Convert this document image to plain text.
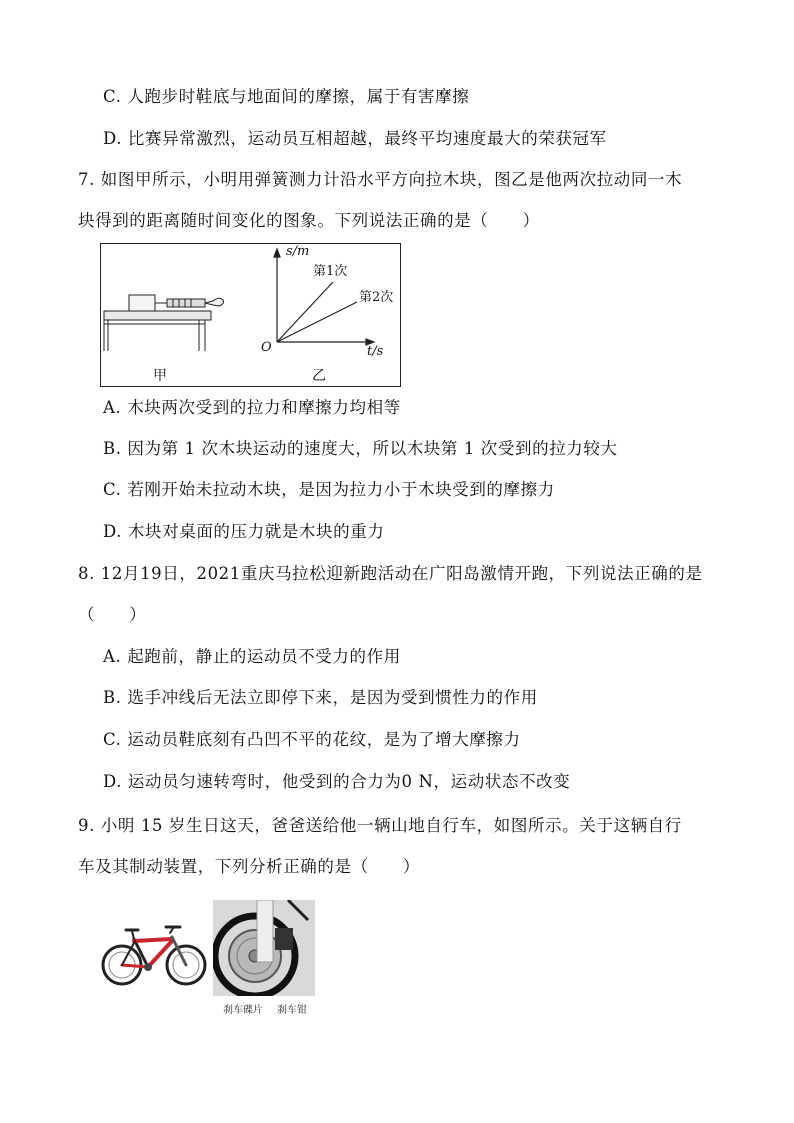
C. 人跑步时鞋底与地面间的摩擦，属于有害摩擦
D. 比赛异常激烈，运动员互相超越，最终平均速度最大的荣获冠军
7. 如图甲所示，小明用弹簧测力计沿水平方向拉木块，图乙是他两次拉动同一木
块得到的距离随时间变化的图象。下列说法正确的是（　　）
s/m
t/s
O
第1次
第2次
甲	乙
A. 木块两次受到的拉力和摩擦力均相等
B. 因为第 1 次木块运动的速度大，所以木块第 1 次受到的拉力较大
C. 若刚开始未拉动木块，是因为拉力小于木块受到的摩擦力
D. 木块对桌面的压力就是木块的重力
8. 12月19日，2021重庆马拉松迎新跑活动在广阳岛激情开跑，下列说法正确的是
（　　）
A. 起跑前，静止的运动员不受力的作用
B. 选手冲线后无法立即停下来，是因为受到惯性力的作用
C. 运动员鞋底刻有凸凹不平的花纹，是为了增大摩擦力
D. 运动员匀速转弯时，他受到的合力为0 N，运动状态不改变
9. 小明 15 岁生日这天，爸爸送给他一辆山地自行车，如图所示。关于这辆自行
车及其制动装置，下列分析正确的是（　　）
刹车碟片 刹车钳
